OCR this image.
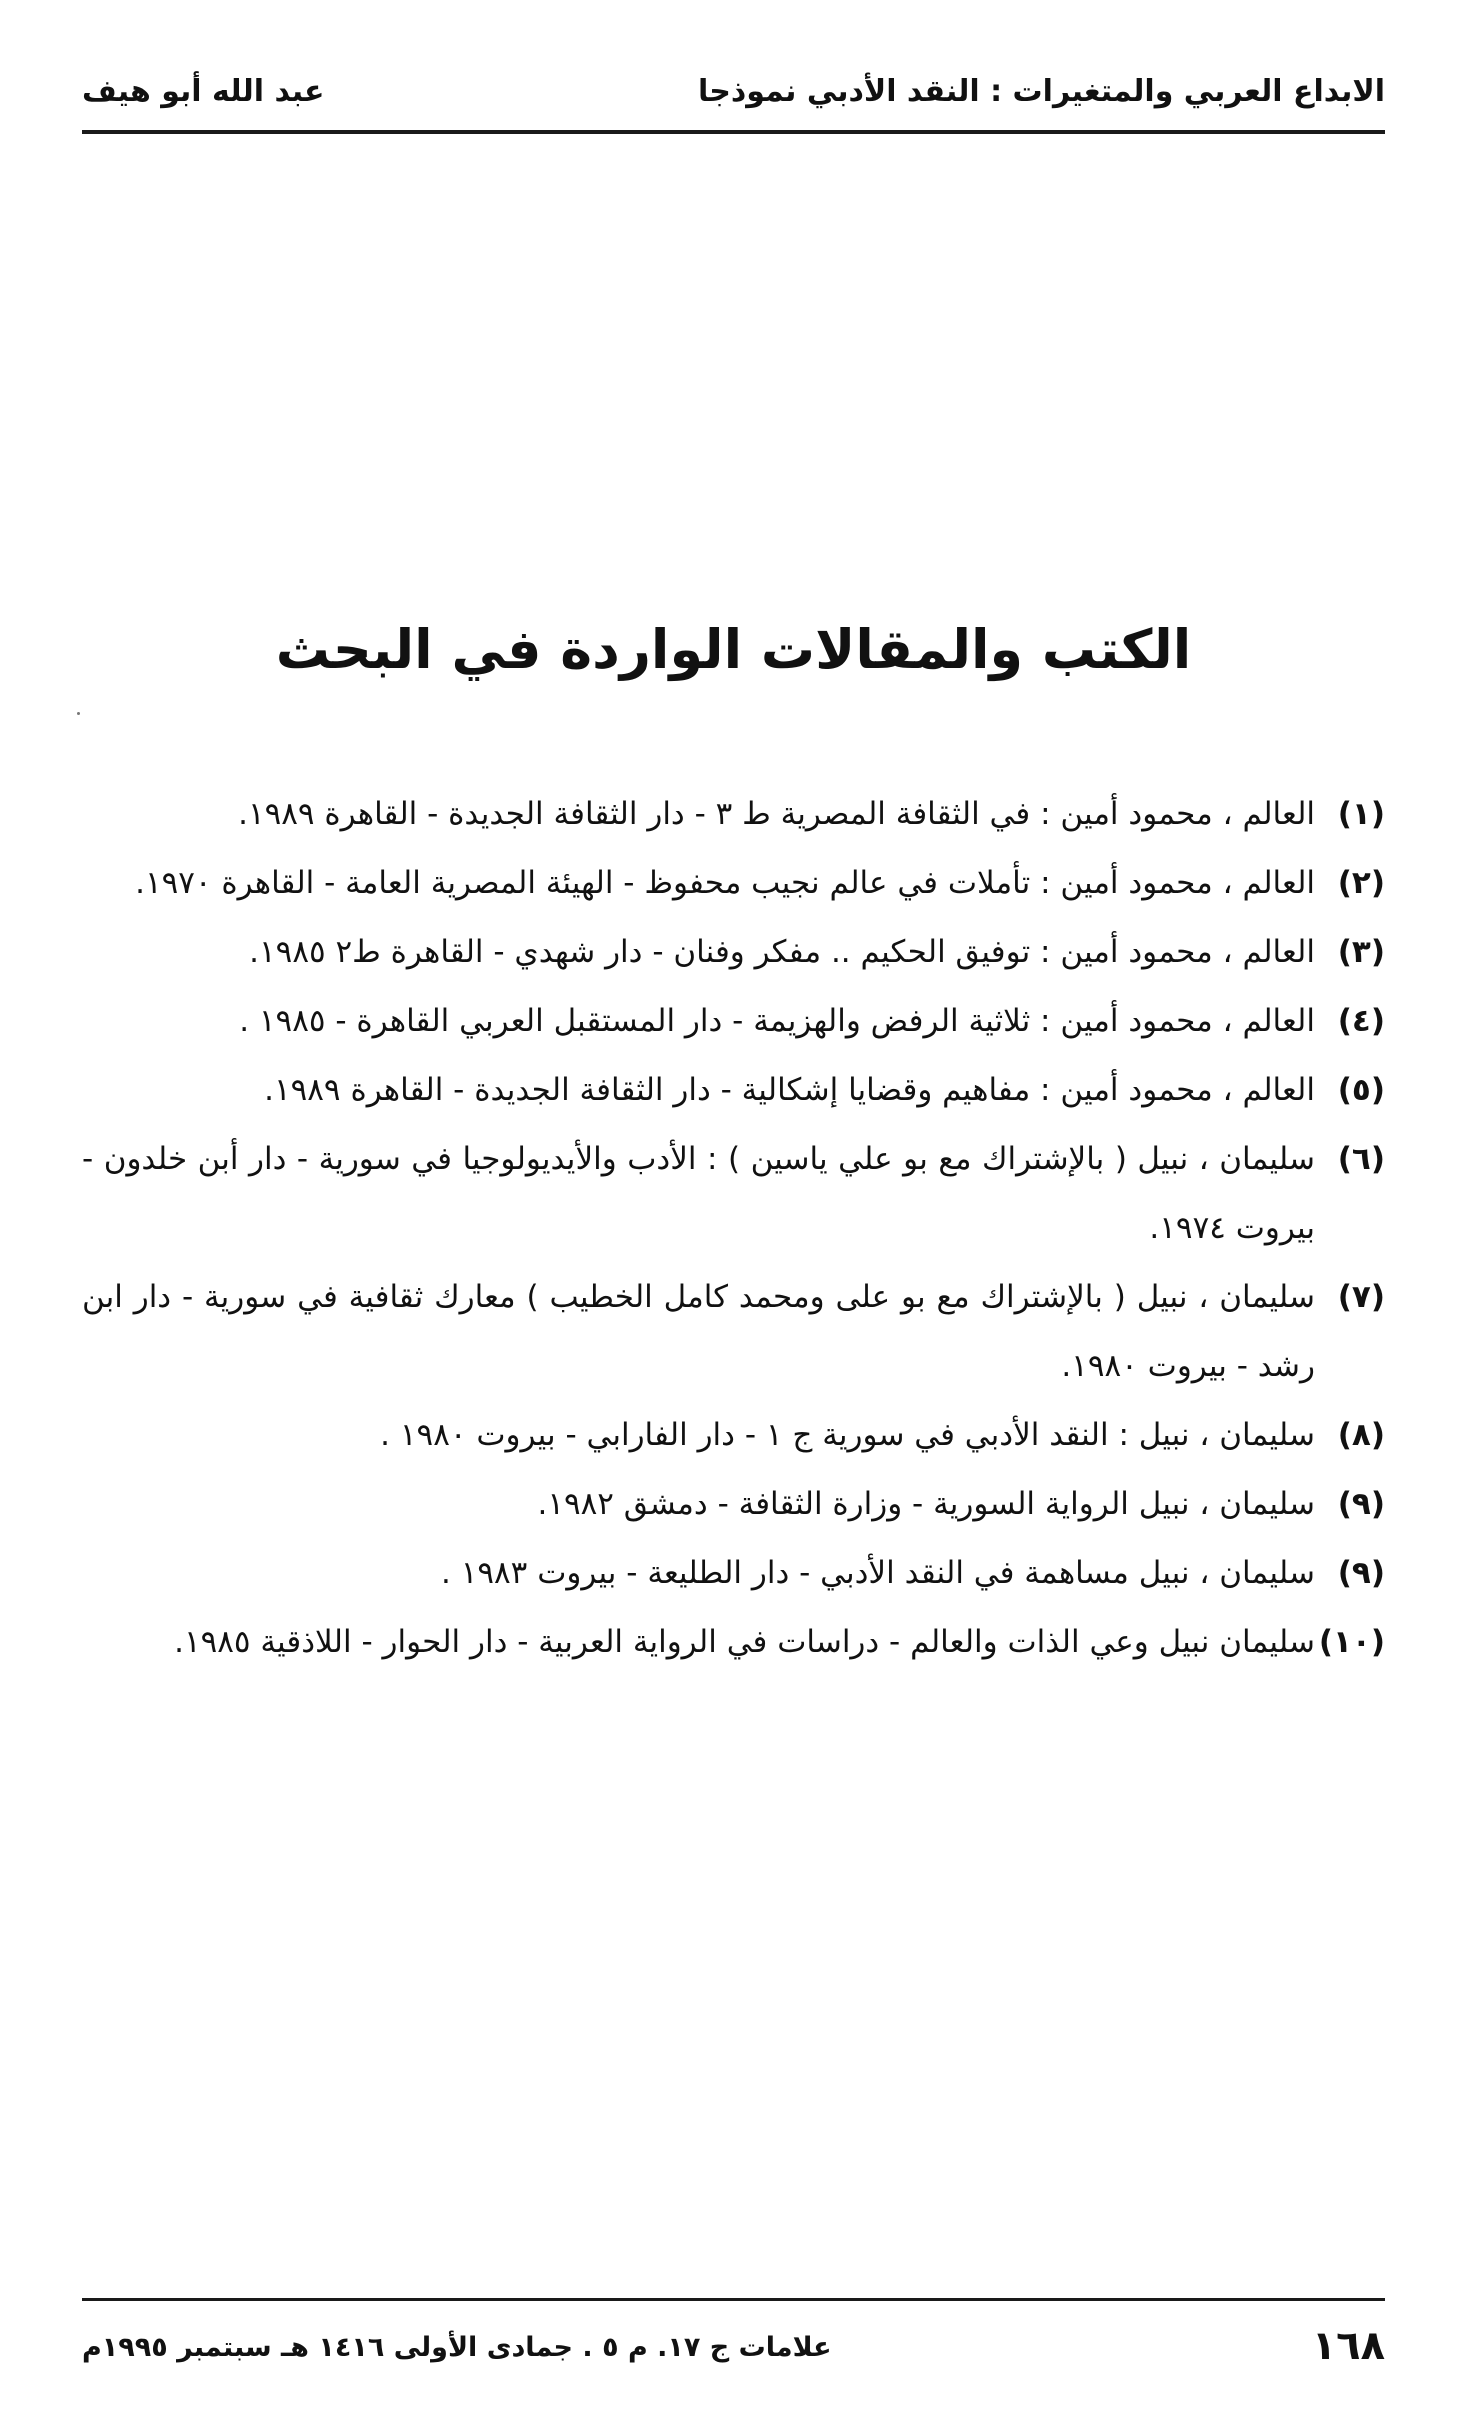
الابداع العربي والمتغيرات : النقد الأدبي نموذجا
عبد الله أبو هيف
الكتب والمقالات الواردة في البحث
(١)
العالم ، محمود أمين : في الثقافة المصرية ط ٣ - دار الثقافة الجديدة - القاهرة ١٩٨٩.
(٢)
العالم ، محمود أمين : تأملات في عالم نجيب محفوظ - الهيئة المصرية العامة - القاهرة ١٩٧٠.
(٣)
العالم ، محمود أمين : توفيق الحكيم .. مفكر وفنان - دار شهدي - القاهرة ط٢ ١٩٨٥.
(٤)
العالم ، محمود أمين : ثلاثية الرفض والهزيمة - دار المستقبل العربي القاهرة - ١٩٨٥ .
(٥)
العالم ، محمود أمين : مفاهيم وقضايا إشكالية - دار الثقافة الجديدة - القاهرة ١٩٨٩.
(٦)
سليمان ، نبيل ( بالإشتراك مع بو علي ياسين ) : الأدب والأيديولوجيا في سورية - دار أبن خلدون - بيروت ١٩٧٤.
(٧)
سليمان ، نبيل ( بالإشتراك مع بو على ومحمد كامل الخطيب ) معارك ثقافية في سورية - دار ابن رشد - بيروت ١٩٨٠.
(٨)
سليمان ، نبيل : النقد الأدبي في سورية ج ١ - دار الفارابي - بيروت ١٩٨٠ .
(٩)
سليمان ، نبيل الرواية السورية - وزارة الثقافة - دمشق ١٩٨٢.
(٩)
سليمان ، نبيل مساهمة في النقد الأدبي - دار الطليعة - بيروت ١٩٨٣ .
(١٠)
سليمان نبيل وعي الذات والعالم - دراسات في الرواية العربية - دار الحوار - اللاذقية ١٩٨٥.
١٦٨
علامات ج ١٧. م ٥ . جمادى الأولى ١٤١٦ هـ سبتمبر ١٩٩٥م
